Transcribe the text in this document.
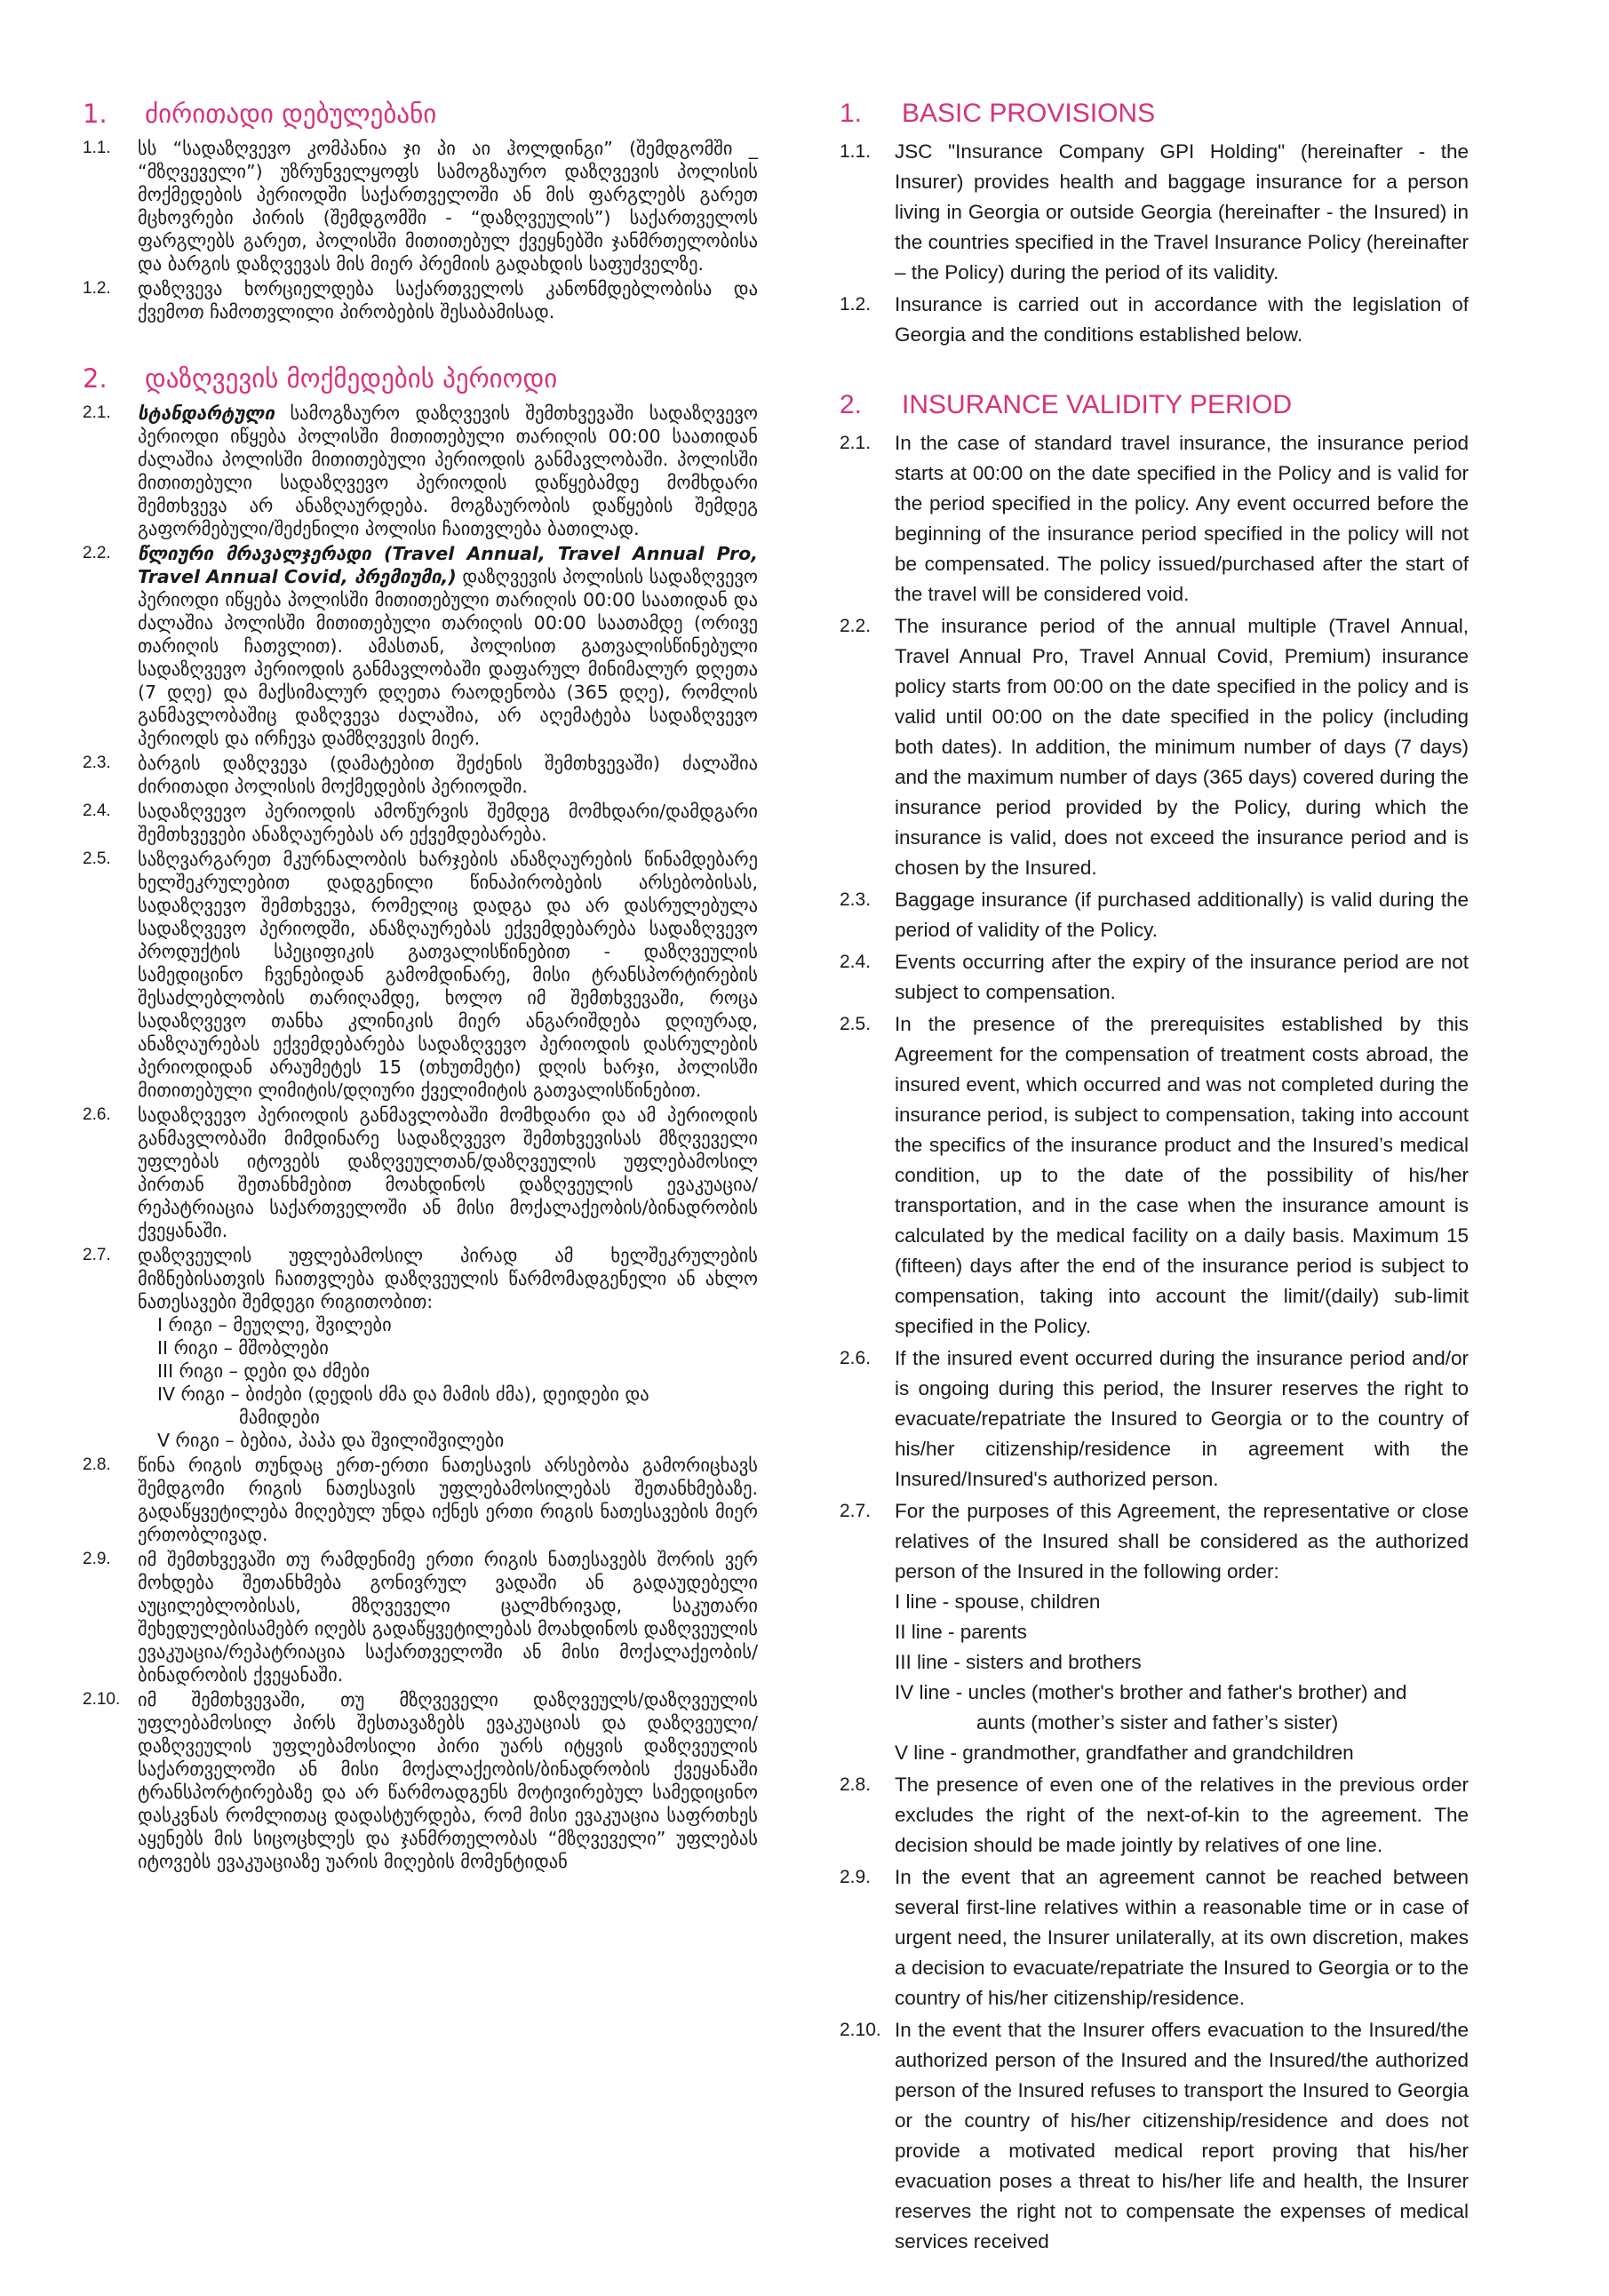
1.	ძირითადი დებულებანი
1.1.	სს “სადაზღვევო კომპანია ჯი პი აი ჰოლდინგი” (შემდგომში _ “მზღვეველი”) უზრუნველყოფს სამოგზაურო დაზღვევის პოლისის მოქმედების პერიოდში საქართველოში ან მის ფარგლებს გარეთ მცხოვრები პირის (შემდგომში - “დაზღვეულის”) საქართველოს ფარგლებს გარეთ, პოლისში მითითებულ ქვეყნებში ჯანმრთელობისა და ბარგის დაზღვევას მის მიერ პრემიის გადახდის საფუძველზე.
1.2.	დაზღვევა ხორციელდება საქართველოს კანონმდებლობისა და ქვემოთ ჩამოთვლილი პირობების შესაბამისად.
2.	დაზღვევის მოქმედების პერიოდი
2.1.	სტანდარტული სამოგზაურო დაზღვევის შემთხვევაში სადაზღვევო პერიოდი იწყება პოლისში მითითებული თარიღის 00:00 საათიდან ძალაშია პოლისში მითითებული პერიოდის განმავლობაში. პოლისში მითითებული სადაზღვევო პერიოდის დაწყებამდე მომხდარი შემთხვევა არ ანაზღაურდება. მოგზაურობის დაწყების შემდეგ გაფორმებული/შეძენილი პოლისი ჩაითვლება ბათილად.
2.2.	წლიური მრავალჯერადი (Travel Annual, Travel Annual Pro, Travel Annual Covid, პრემიუმი,) დაზღვევის პოლისის სადაზღვევო პერიოდი იწყება პოლისში მითითებული თარიღის 00:00 საათიდან და ძალაშია პოლისში მითითებული თარიღის 00:00 საათამდე (ორივე თარიღის ჩათვლით). ამასთან, პოლისით გათვალისწინებული სადაზღვევო პერიოდის განმავლობაში დაფარულ მინიმალურ დღეთა (7 დღე) და მაქსიმალურ დღეთა რაოდენობა (365 დღე), რომლის განმავლობაშიც დაზღვევა ძალაშია, არ აღემატება სადაზღვევო პერიოდს და ირჩევა დამზღვევის მიერ.
2.3.	ბარგის დაზღვევა (დამატებით შეძენის შემთხვევაში) ძალაშია ძირითადი პოლისის მოქმედების პერიოდში.
2.4.	სადაზღვევო პერიოდის ამოწურვის შემდეგ მომხდარი/დამდგარი შემთხვევები ანაზღაურებას არ ექვემდებარება.
2.5.	საზღვარგარეთ მკურნალობის ხარჯების ანაზღაურების წინამდებარე ხელშეკრულებით დადგენილი წინაპირობების არსებობისას, სადაზღვევო შემთხვევა, რომელიც დადგა და არ დასრულებულა სადაზღვევო პერიოდში, ანაზღაურებას ექვემდებარება სადაზღვევო პროდუქტის სპეციფიკის გათვალისწინებით - დაზღვეულის სამედიცინო ჩვენებიდან გამომდინარე, მისი ტრანსპორტირების შესაძლებლობის თარიღამდე, ხოლო იმ შემთხვევაში, როცა სადაზღვევო თანხა კლინიკის მიერ ანგარიშდება დღიურად, ანაზღაურებას ექვემდებარება სადაზღვევო პერიოდის დასრულების პერიოდიდან არაუმეტეს 15 (თხუთმეტი) დღის ხარჯი, პოლისში მითითებული ლიმიტის/დღიური ქველიმიტის გათვალისწინებით.
2.6.	სადაზღვევო პერიოდის განმავლობაში მომხდარი და ამ პერიოდის განმავლობაში მიმდინარე სადაზღვევო შემთხვევისას მზღვეველი უფლებას იტოვებს დაზღვეულთან/დაზღვეულის უფლებამოსილ პირთან შეთანხმებით მოახდინოს დაზღვეულის ევაკუაცია/რეპატრიაცია საქართველოში ან მისი მოქალაქეობის/ბინადრობის ქვეყანაში.
2.7.	დაზღვეულის უფლებამოსილ პირად ამ ხელშეკრულების მიზნებისათვის ჩაითვლება დაზღვეულის წარმომადგენელი ან ახლო ნათესავები შემდეგი რიგითობით:
I რიგი – მეუღლე, შვილები
II რიგი – მშობლები
III რიგი – დები და ძმები
IV რიგი – ბიძები (დედის ძმა და მამის ძმა), დეიდები და
მამიდები
V რიგი – ბებია, პაპა და შვილიშვილები
2.8.	წინა რიგის თუნდაც ერთ-ერთი ნათესავის არსებობა გამორიცხავს შემდგომი რიგის ნათესავის უფლებამოსილებას შეთანხმებაზე. გადაწყვეტილება მიღებულ უნდა იქნეს ერთი რიგის ნათესავების მიერ ერთობლივად.
2.9.	იმ შემთხვევაში თუ რამდენიმე ერთი რიგის ნათესავებს შორის ვერ მოხდება შეთანხმება გონივრულ ვადაში ან გადაუდებელი აუცილებლობისას, მზღვეველი ცალმხრივად, საკუთარი შეხედულებისამებრ იღებს გადაწყვეტილებას მოახდინოს დაზღვეულის ევაკუაცია/რეპატრიაცია საქართველოში ან მისი მოქალაქეობის/ბინადრობის ქვეყანაში.
2.10. იმ შემთხვევაში, თუ მზღვეველი დაზღვეულს/დაზღვეულის უფლებამოსილ პირს შესთავაზებს ევაკუაციას და დაზღვეული/დაზღვეულის უფლებამოსილი პირი უარს იტყვის დაზღვეულის საქართველოში ან მისი მოქალაქეობის/ბინადრობის ქვეყანაში ტრანსპორტირებაზე და არ წარმოადგენს მოტივირებულ სამედიცინო დასკვნას რომლითაც დადასტურდება, რომ მისი ევაკუაცია საფრთხეს აყენებს მის სიცოცხლეს და ჯანმრთელობას “მზღვეველი” უფლებას იტოვებს ევაკუაციაზე უარის მიღების მომენტიდან
1.	BASIC PROVISIONS
1.1.	JSC "Insurance Company GPI Holding" (hereinafter - the Insurer) provides health and baggage insurance for a person living in Georgia or outside Georgia (hereinafter - the Insured) in the countries specified in the Travel Insurance Policy (hereinafter – the Policy) during the period of its validity.
1.2.	Insurance is carried out in accordance with the legislation of Georgia and the conditions established below.
2.	INSURANCE VALIDITY PERIOD
2.1.	In the case of standard travel insurance, the insurance period starts at 00:00 on the date specified in the Policy and is valid for the period specified in the policy. Any event occurred before the beginning of the insurance period specified in the policy will not be compensated. The policy issued/purchased after the start of the travel will be considered void.
2.2.	The insurance period of the annual multiple (Travel Annual, Travel Annual Pro, Travel Annual Covid, Premium) insurance policy starts from 00:00 on the date specified in the policy and is valid until 00:00 on the date specified in the policy (including both dates). In addition, the minimum number of days (7 days) and the maximum number of days (365 days) covered during the insurance period provided by the Policy, during which the insurance is valid, does not exceed the insurance period and is chosen by the Insured.
2.3.	Baggage insurance (if purchased additionally) is valid during the period of validity of the Policy.
2.4.	Events occurring after the expiry of the insurance period are not subject to compensation.
2.5.	In the presence of the prerequisites established by this Agreement for the compensation of treatment costs abroad, the insured event, which occurred and was not completed during the insurance period, is subject to compensation, taking into account the specifics of the insurance product and the Insured’s medical condition, up to the date of the possibility of his/her transportation, and in the case when the insurance amount is calculated by the medical facility on a daily basis. Maximum 15 (fifteen) days after the end of the insurance period is subject to compensation, taking into account the limit/(daily) sub-limit specified in the Policy.
2.6.	If the insured event occurred during the insurance period and/or is ongoing during this period, the Insurer reserves the right to evacuate/repatriate the Insured to Georgia or to the country of his/her citizenship/residence in agreement with the Insured/Insured's authorized person.
2.7.	For the purposes of this Agreement, the representative or close relatives of the Insured shall be considered as the authorized person of the Insured in the following order:
I line - spouse, children
II line - parents
III line - sisters and brothers
IV line - uncles (mother's brother and father's brother) and
aunts (mother’s sister and father’s sister)
V line - grandmother, grandfather and grandchildren
2.8.	The presence of even one of the relatives in the previous order excludes the right of the next-of-kin to the agreement. The decision should be made jointly by relatives of one line.
2.9.	In the event that an agreement cannot be reached between several first-line relatives within a reasonable time or in case of urgent need, the Insurer unilaterally, at its own discretion, makes a decision to evacuate/repatriate the Insured to Georgia or to the country of his/her citizenship/residence.
2.10. In the event that the Insurer offers evacuation to the Insured/the authorized person of the Insured and the Insured/the authorized person of the Insured refuses to transport the Insured to Georgia or the country of his/her citizenship/residence and does not provide a motivated medical report proving that his/her evacuation poses a threat to his/her life and health, the Insurer reserves the right not to compensate the expenses of medical services received
